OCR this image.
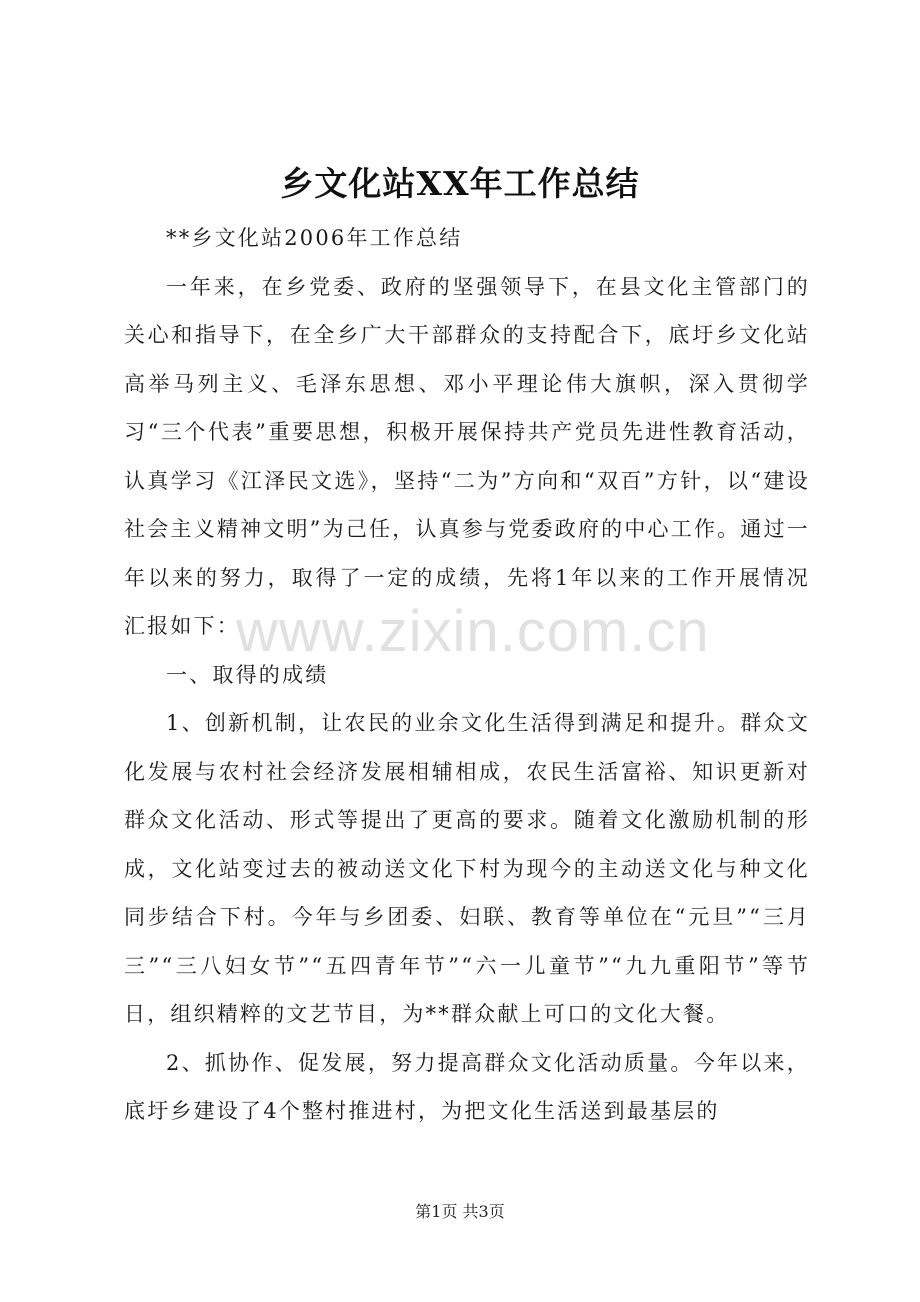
乡文化站XX年工作总结

**乡文化站2006年工作总结

一年来，在乡党委、政府的坚强领导下，在县文化主管部门的关心和指导下，在全乡广大干部群众的支持配合下，底圩乡文化站高举马列主义、毛泽东思想、邓小平理论伟大旗帜，深入贯彻学习“三个代表”重要思想，积极开展保持共产党员先进性教育活动，认真学习《江泽民文选》，坚持“二为”方向和“双百”方针，以“建设社会主义精神文明”为己任，认真参与党委政府的中心工作。通过一年以来的努力，取得了一定的成绩，先将1年以来的工作开展情况汇报如下：

一、取得的成绩

1、创新机制，让农民的业余文化生活得到满足和提升。群众文化发展与农村社会经济发展相辅相成，农民生活富裕、知识更新对群众文化活动、形式等提出了更高的要求。随着文化激励机制的形成，文化站变过去的被动送文化下村为现今的主动送文化与种文化同步结合下村。今年与乡团委、妇联、教育等单位在“元旦”“三月三”“三八妇女节”“五四青年节”“六一儿童节”“九九重阳节”等节日，组织精粹的文艺节目，为**群众献上可口的文化大餐。

2、抓协作、促发展，努力提高群众文化活动质量。今年以来，底圩乡建设了4个整村推进村，为把文化生活送到最基层的

www.zixin.com.cn
第1页 共3页
